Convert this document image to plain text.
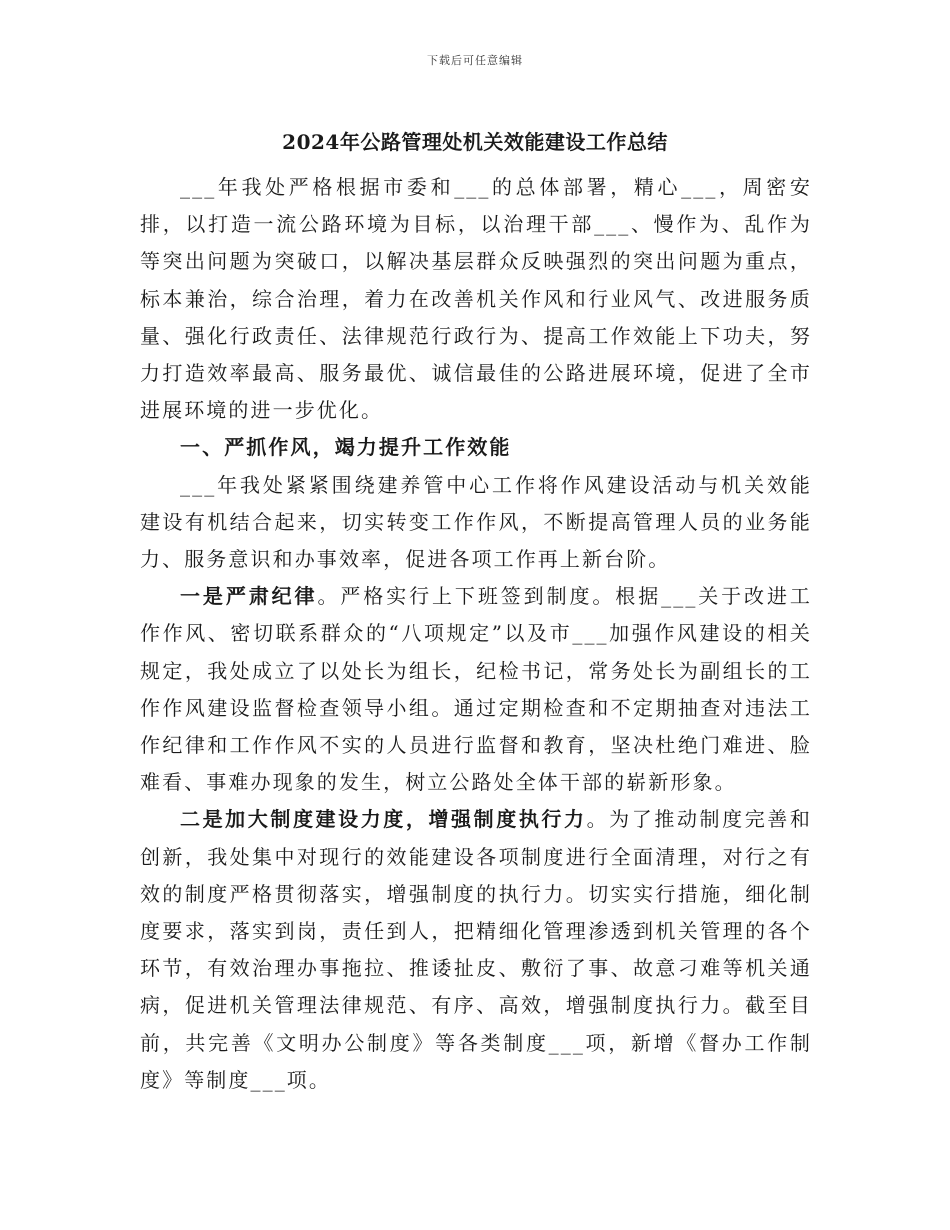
下载后可任意编辑
2024年公路管理处机关效能建设工作总结

___年我处严格根据市委和___的总体部署，精心___，周密安排，以打造一流公路环境为目标，以治理干部___、慢作为、乱作为等突出问题为突破口，以解决基层群众反映强烈的突出问题为重点，标本兼治，综合治理，着力在改善机关作风和行业风气、改进服务质量、强化行政责任、法律规范行政行为、提高工作效能上下功夫，努力打造效率最高、服务最优、诚信最佳的公路进展环境，促进了全市进展环境的进一步优化。

一、严抓作风，竭力提升工作效能

___年我处紧紧围绕建养管中心工作将作风建设活动与机关效能建设有机结合起来，切实转变工作作风，不断提高管理人员的业务能力、服务意识和办事效率，促进各项工作再上新台阶。

一是严肃纪律。严格实行上下班签到制度。根据___关于改进工作作风、密切联系群众的“八项规定”以及市___加强作风建设的相关规定，我处成立了以处长为组长，纪检书记，常务处长为副组长的工作作风建设监督检查领导小组。通过定期检查和不定期抽查对违法工作纪律和工作作风不实的人员进行监督和教育，坚决杜绝门难进、脸难看、事难办现象的发生，树立公路处全体干部的崭新形象。

二是加大制度建设力度，增强制度执行力。为了推动制度完善和创新，我处集中对现行的效能建设各项制度进行全面清理，对行之有效的制度严格贯彻落实，增强制度的执行力。切实实行措施，细化制度要求，落实到岗，责任到人，把精细化管理渗透到机关管理的各个环节，有效治理办事拖拉、推诿扯皮、敷衍了事、故意刁难等机关通病，促进机关管理法律规范、有序、高效，增强制度执行力。截至目前，共完善《文明办公制度》等各类制度___项，新增《督办工作制度》等制度___项。
